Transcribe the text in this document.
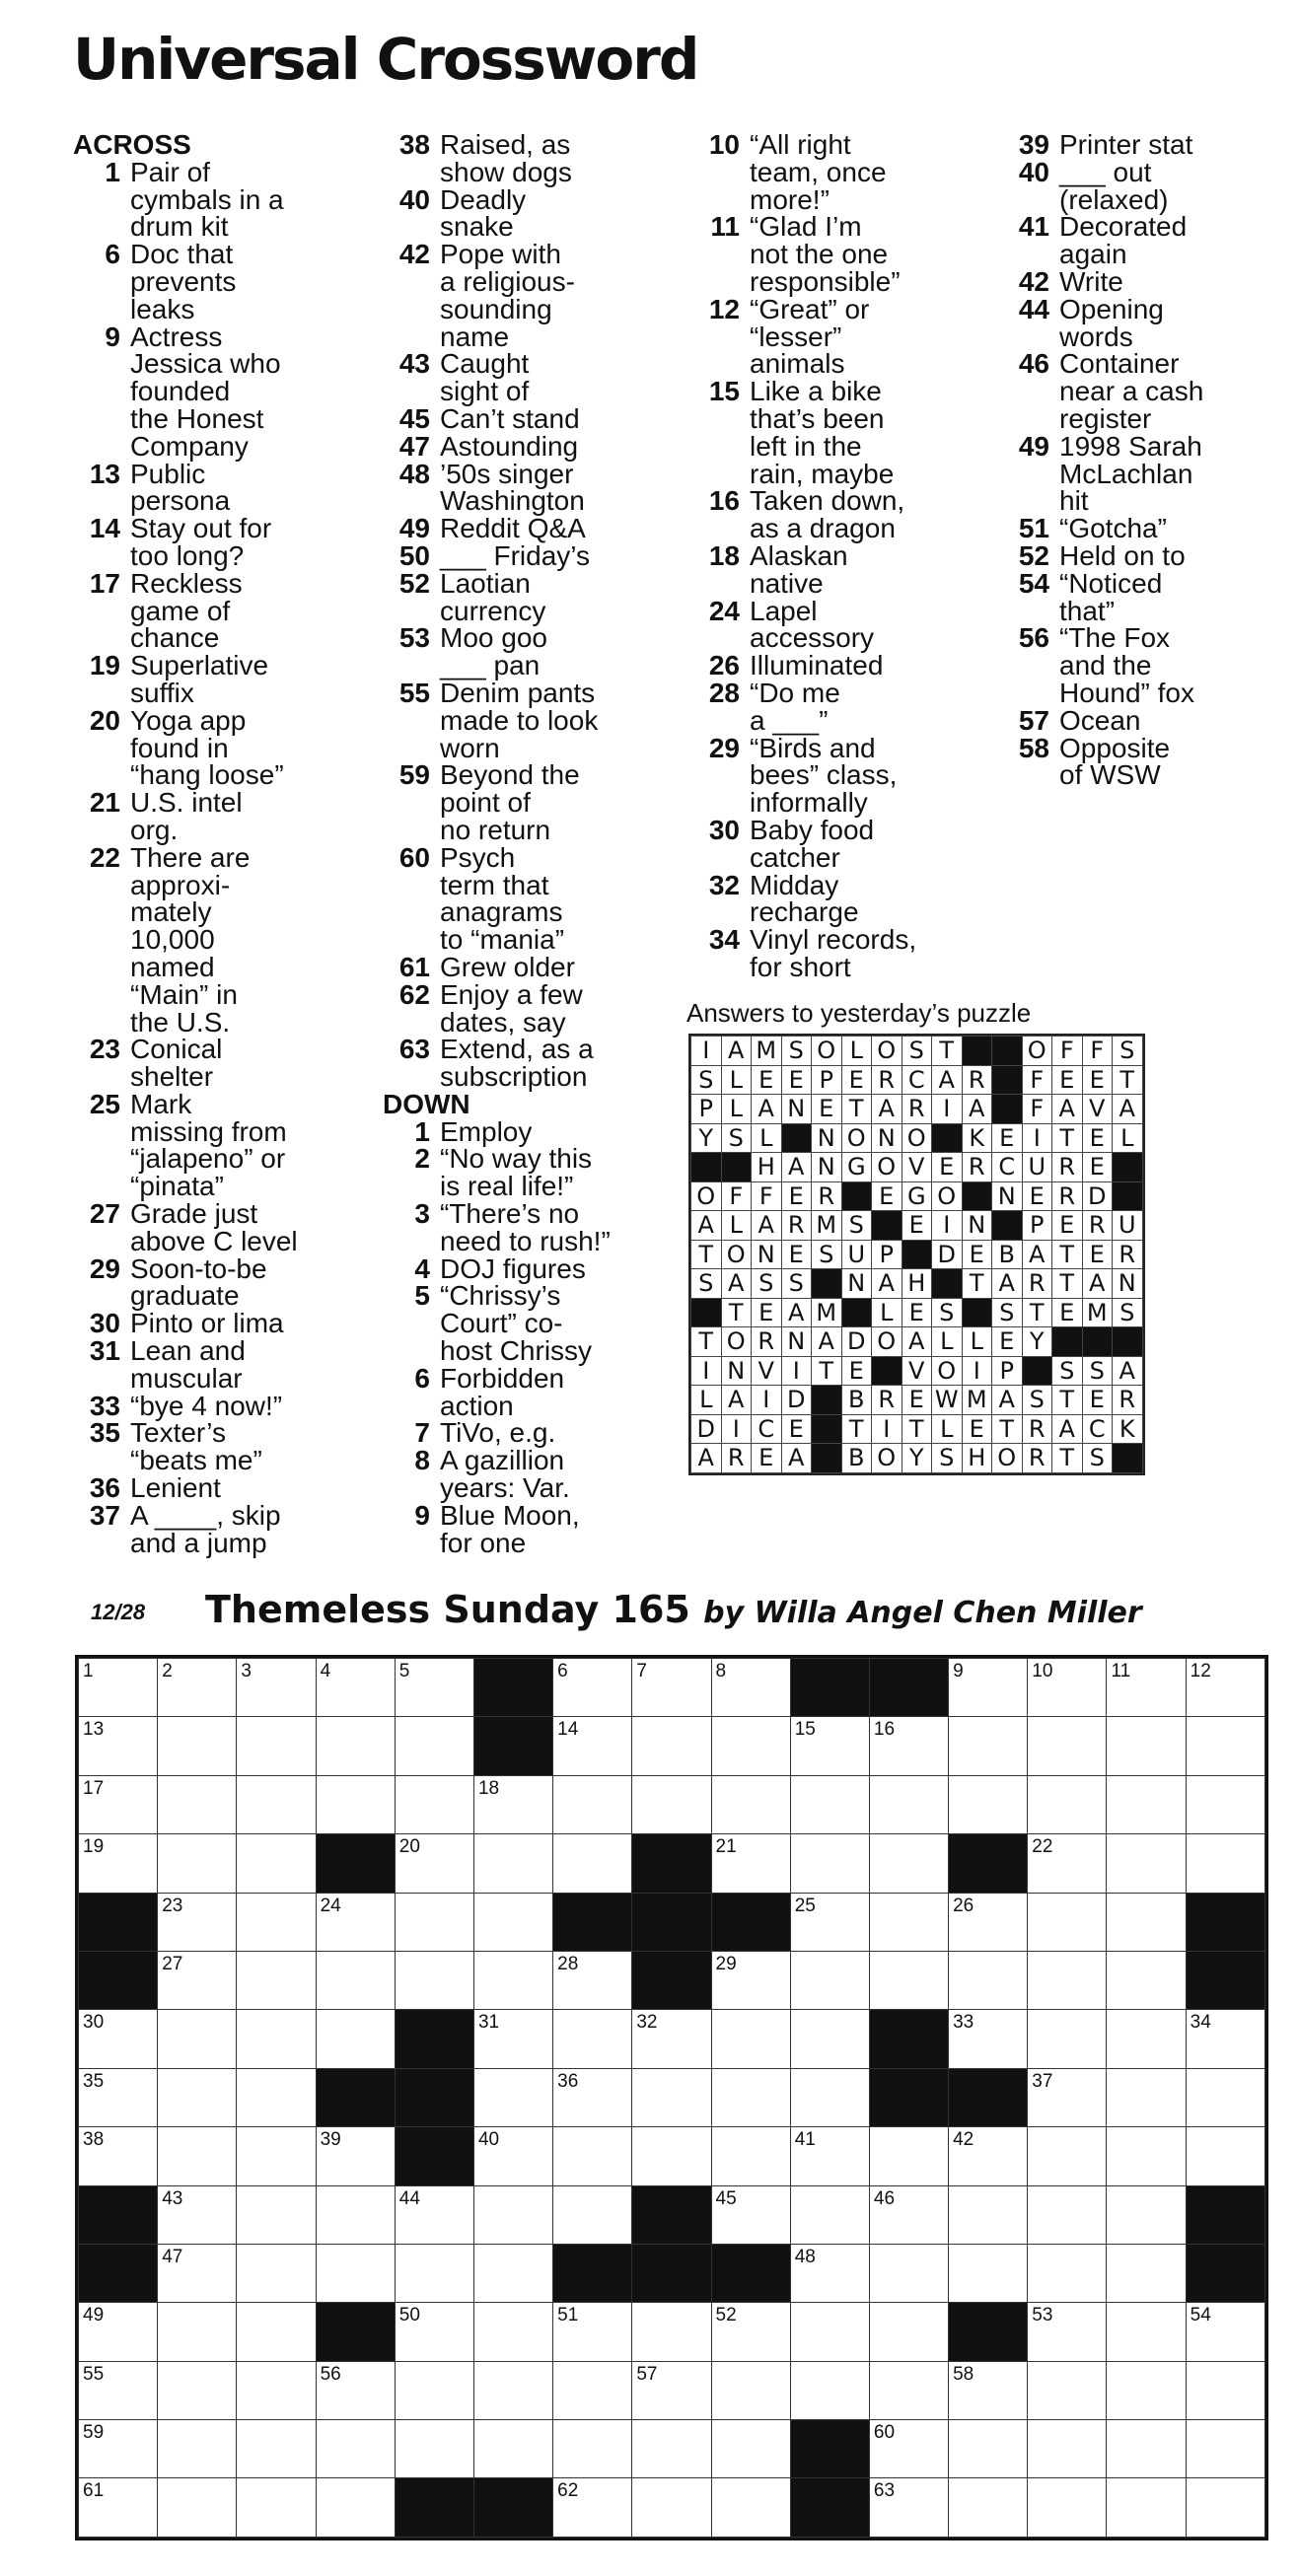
Universal Crossword
ACROSS
1 Pair of
cymbals in a
drum kit
6 Doc that
prevents
leaks
9 Actress
Jessica who
founded
the Honest
Company
13 Public
persona
14 Stay out for
too long?
17 Reckless
game of
chance
19 Superlative
suffix
20 Yoga app
found in
“hang loose”
21 U.S. intel
org.
22 There are
approxi-
mately
10,000
named
“Main” in
the U.S.
23 Conical
shelter
25 Mark
missing from
“jalapeno” or
“pinata”
27 Grade just
above C level
29 Soon-to-be
graduate
30 Pinto or lima
31 Lean and
muscular
33 “bye 4 now!”
35 Texter’s
“beats me”
36 Lenient
37 A ____, skip
and a jump
38 Raised, as
show dogs
40 Deadly
snake
42 Pope with
a religious-
sounding
name
43 Caught
sight of
45 Can’t stand
47 Astounding
48 ’50s singer
Washington
49 Reddit Q&A
50 ___ Friday’s
52 Laotian
currency
53 Moo goo
___ pan
55 Denim pants
made to look
worn
59 Beyond the
point of
no return
60 Psych
term that
anagrams
to “mania”
61 Grew older
62 Enjoy a few
dates, say
63 Extend, as a
subscription
DOWN
1 Employ
2 “No way this
is real life!”
3 “There’s no
need to rush!”
4 DOJ figures
5 “Chrissy’s
Court” co-
host Chrissy
6 Forbidden
action
7 TiVo, e.g.
8 A gazillion
years: Var.
9 Blue Moon,
for one
10 “All right
team, once
more!”
11 “Glad I’m
not the one
responsible”
12 “Great” or
“lesser”
animals
15 Like a bike
that’s been
left in the
rain, maybe
16 Taken down,
as a dragon
18 Alaskan
native
24 Lapel
accessory
26 Illuminated
28 “Do me
a ___”
29 “Birds and
bees” class,
informally
30 Baby food
catcher
32 Midday
recharge
34 Vinyl records,
for short
39 Printer stat
40 ___ out
(relaxed)
41 Decorated
again
42 Write
44 Opening
words
46 Container
near a cash
register
49 1998 Sarah
McLachlan
hit
51 “Gotcha”
52 Held on to
54 “Noticed
that”
56 “The Fox
and the
Hound” fox
57 Ocean
58 Opposite
of WSW
Answers to yesterday’s puzzle
I	A	M	S	O	L	O	S	T			O	F	F	S
S	L	E	E	P	E	R	C	A	R		F	E	E	T
P	L	A	N	E	T	A	R	I	A		F	A	V	A
Y	S	L		N	O	N	O		K	E	I	T	E	L
		H	A	N	G	O	V	E	R	C	U	R	E	
O	F	F	E	R		E	G	O		N	E	R	D	
A	L	A	R	M	S		E	I	N		P	E	R	U
T	O	N	E	S	U	P		D	E	B	A	T	E	R
S	A	S	S		N	A	H		T	A	R	T	A	N
	T	E	A	M		L	E	S		S	T	E	M	S
T	O	R	N	A	D	O	A	L	L	E	Y			
I	N	V	I	T	E		V	O	I	P		S	S	A
L	A	I	D		B	R	E	W	M	A	S	T	E	R
D	I	C	E		T	I	T	L	E	T	R	A	C	K
A	R	E	A		B	O	Y	S	H	O	R	T	S	
12/28 Themeless Sunday 165 by Willa Angel Chen Miller
1	2	3	4	5		6	7	8			9	10	11	12

13						14			15	16				

17					18									

19				20				21				22		

	23		24						25		26			

	27					28		29						

30					31		32				33			34

35						36						37		

38			39		40				41		42			

	43			44				45		46				

	47								48					

49				50		51		52				53		54

55			56				57				58			

59										60				

61						62				63				
